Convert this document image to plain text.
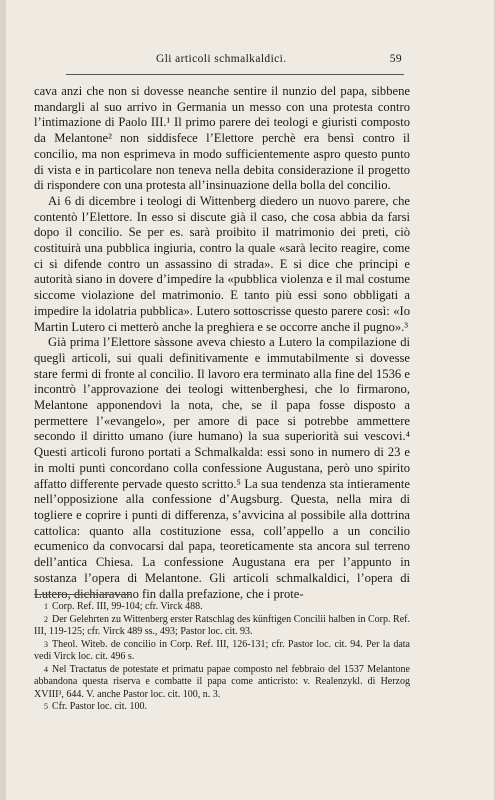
Gli articoli schmalkaldici.	59

cava anzi che non si dovesse neanche sentire il nunzio del papa, sibbene mandargli al suo arrivo in Germania un messo con una protesta contro l’intimazione di Paolo III.¹ Il primo parere dei teologi e giuristi composto da Melantone² non siddisfece l’Elettore perchè era bensì contro il concilio, ma non esprimeva in modo sufficientemente aspro questo punto di vista e in particolare non teneva nella debita considerazione il progetto di rispondere con una protesta all’insinuazione della bolla del concilio.

Ai 6 di dicembre i teologi di Wittenberg diedero un nuovo parere, che contentò l’Elettore. In esso si discute già il caso, che cosa abbia da farsi dopo il concilio. Se per es. sarà proibito il matrimonio dei preti, ciò costituirà una pubblica ingiuria, contro la quale «sarà lecito reagire, come ci si difende contro un assassino di strada». E si dice che principi e autorità siano in dovere d’impedire la «pubblica violenza e il mal costume siccome violazione del matrimonio. E tanto più essi sono obbligati a impedire la idolatria pubblica». Lutero sottoscrisse questo parere così: «Io Martin Lutero ci metterò anche la preghiera e se occorre anche il pugno».³

Già prima l’Elettore sàssone aveva chiesto a Lutero la compilazione di queglì articoli, sui quali definitivamente e immutabilmente si dovesse stare fermi di fronte al concilio. Il lavoro era terminato alla fine del 1536 e incontrò l’approvazione dei teologi wittenberghesi, che lo firmarono, Melantone apponendovi la nota, che, se il papa fosse disposto a permettere l’«evangelo», per amore di pace si potrebbe ammettere secondo il diritto umano (iure humano) la sua superiorità sui vescovi.⁴ Questi articoli furono portati a Schmalkalda: essi sono in numero di 23 e in molti punti concordano colla confessione Augustana, però uno spirito affatto differente pervade questo scritto.⁵ La sua tendenza sta intieramente nell’opposizione alla confessione d’Augsburg. Questa, nella mira di togliere e coprire i punti di differenza, s’avvicina al possibile alla dottrina cattolica: quanto alla costituzione essa, coll’appello a un concilio ecumenico da convocarsi dal papa, teoreticamente sta ancora sul terreno dell’antica Chiesa. La confessione Augustana era per l’appunto in sostanza l’opera di Melantone. Gli articoli schmalkaldici, l’opera di Lutero, dichiaravano fin dalla prefazione, che i prote-

1 Corp. Ref. III, 99-104; cfr. Virck 488.

2 Der Gelehrten zu Wittenberg erster Ratschlag des künftigen Concilii halben in Corp. Ref. III, 119-125; cfr. Virck 489 ss., 493; Pastor loc. cit. 93.

3 Theol. Witeb. de concilio in Corp. Ref. III, 126-131; cfr. Pastor loc. cit. 94. Per la data vedi Virck loc. cit. 496 s.

4 Nel Tractatus de potestate et primatu papae composto nel febbraio del 1537 Melantone abbandona questa riserva e combatte il papa come anticristo: v. Realenzykl. di Herzog XVIII³, 644. V. anche Pastor loc. cit. 100, n. 3.

5 Cfr. Pastor loc. cit. 100.
